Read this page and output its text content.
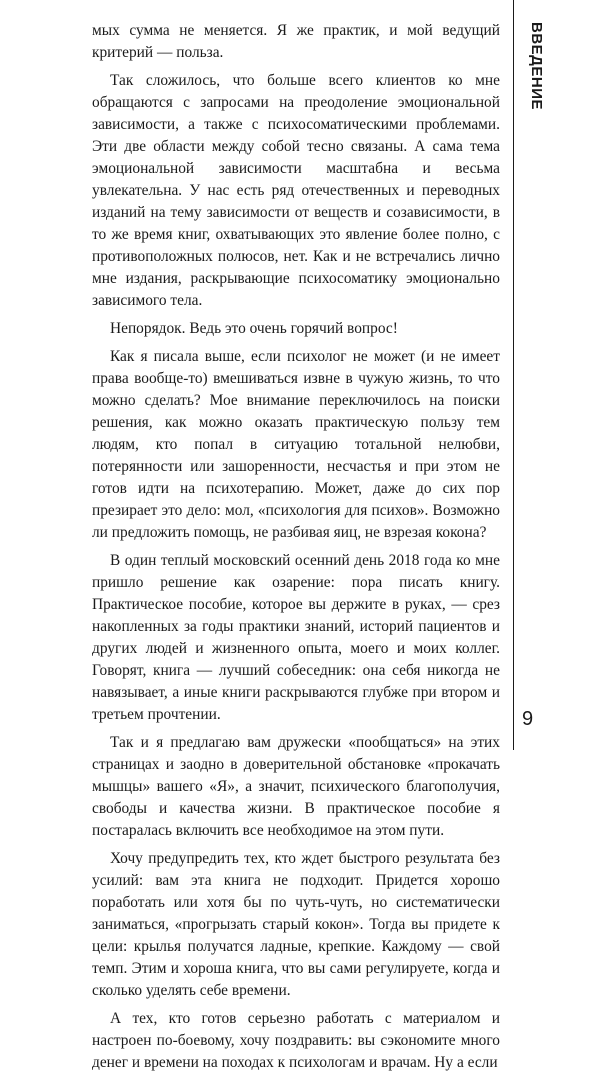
мых сумма не меняется. Я же практик, и мой ведущий критерий — польза.

Так сложилось, что больше всего клиентов ко мне обращаются с запросами на преодоление эмоциональной зависимости, а также с психосоматическими проблемами. Эти две области между собой тесно связаны. А сама тема эмоциональной зависимости масштабна и весьма увлекательна. У нас есть ряд отечественных и переводных изданий на тему зависимости от веществ и созависимости, в то же время книг, охватывающих это явление более полно, с противоположных полюсов, нет. Как и не встречались лично мне издания, раскрывающие психосоматику эмоционально зависимого тела.

Непорядок. Ведь это очень горячий вопрос!

Как я писала выше, если психолог не может (и не имеет права вообще-то) вмешиваться извне в чужую жизнь, то что можно сделать? Мое внимание переключилось на поиски решения, как можно оказать практическую пользу тем людям, кто попал в ситуацию тотальной нелюбви, потерянности или зашоренности, несчастья и при этом не готов идти на психотерапию. Может, даже до сих пор презирает это дело: мол, «психология для психов». Возможно ли предложить помощь, не разбивая яиц, не взрезая кокона?

В один теплый московский осенний день 2018 года ко мне пришло решение как озарение: пора писать книгу. Практическое пособие, которое вы держите в руках, — срез накопленных за годы практики знаний, историй пациентов и других людей и жизненного опыта, моего и моих коллег. Говорят, книга — лучший собеседник: она себя никогда не навязывает, а иные книги раскрываются глубже при втором и третьем прочтении.

Так и я предлагаю вам дружески «пообщаться» на этих страницах и заодно в доверительной обстановке «прокачать мышцы» вашего «Я», а значит, психического благополучия, свободы и качества жизни. В практическое пособие я постаралась включить все необходимое на этом пути.

Хочу предупредить тех, кто ждет быстрого результата без усилий: вам эта книга не подходит. Придется хорошо поработать или хотя бы по чуть-чуть, но систематически заниматься, «прогрызать старый кокон». Тогда вы придете к цели: крылья получатся ладные, крепкие. Каждому — свой темп. Этим и хороша книга, что вы сами регулируете, когда и сколько уделять себе времени.

А тех, кто готов серьезно работать с материалом и настроен по-боевому, хочу поздравить: вы сэкономите много денег и времени на походах к психологам и врачам. Ну а если

ВВЕДЕНИЕ
9
